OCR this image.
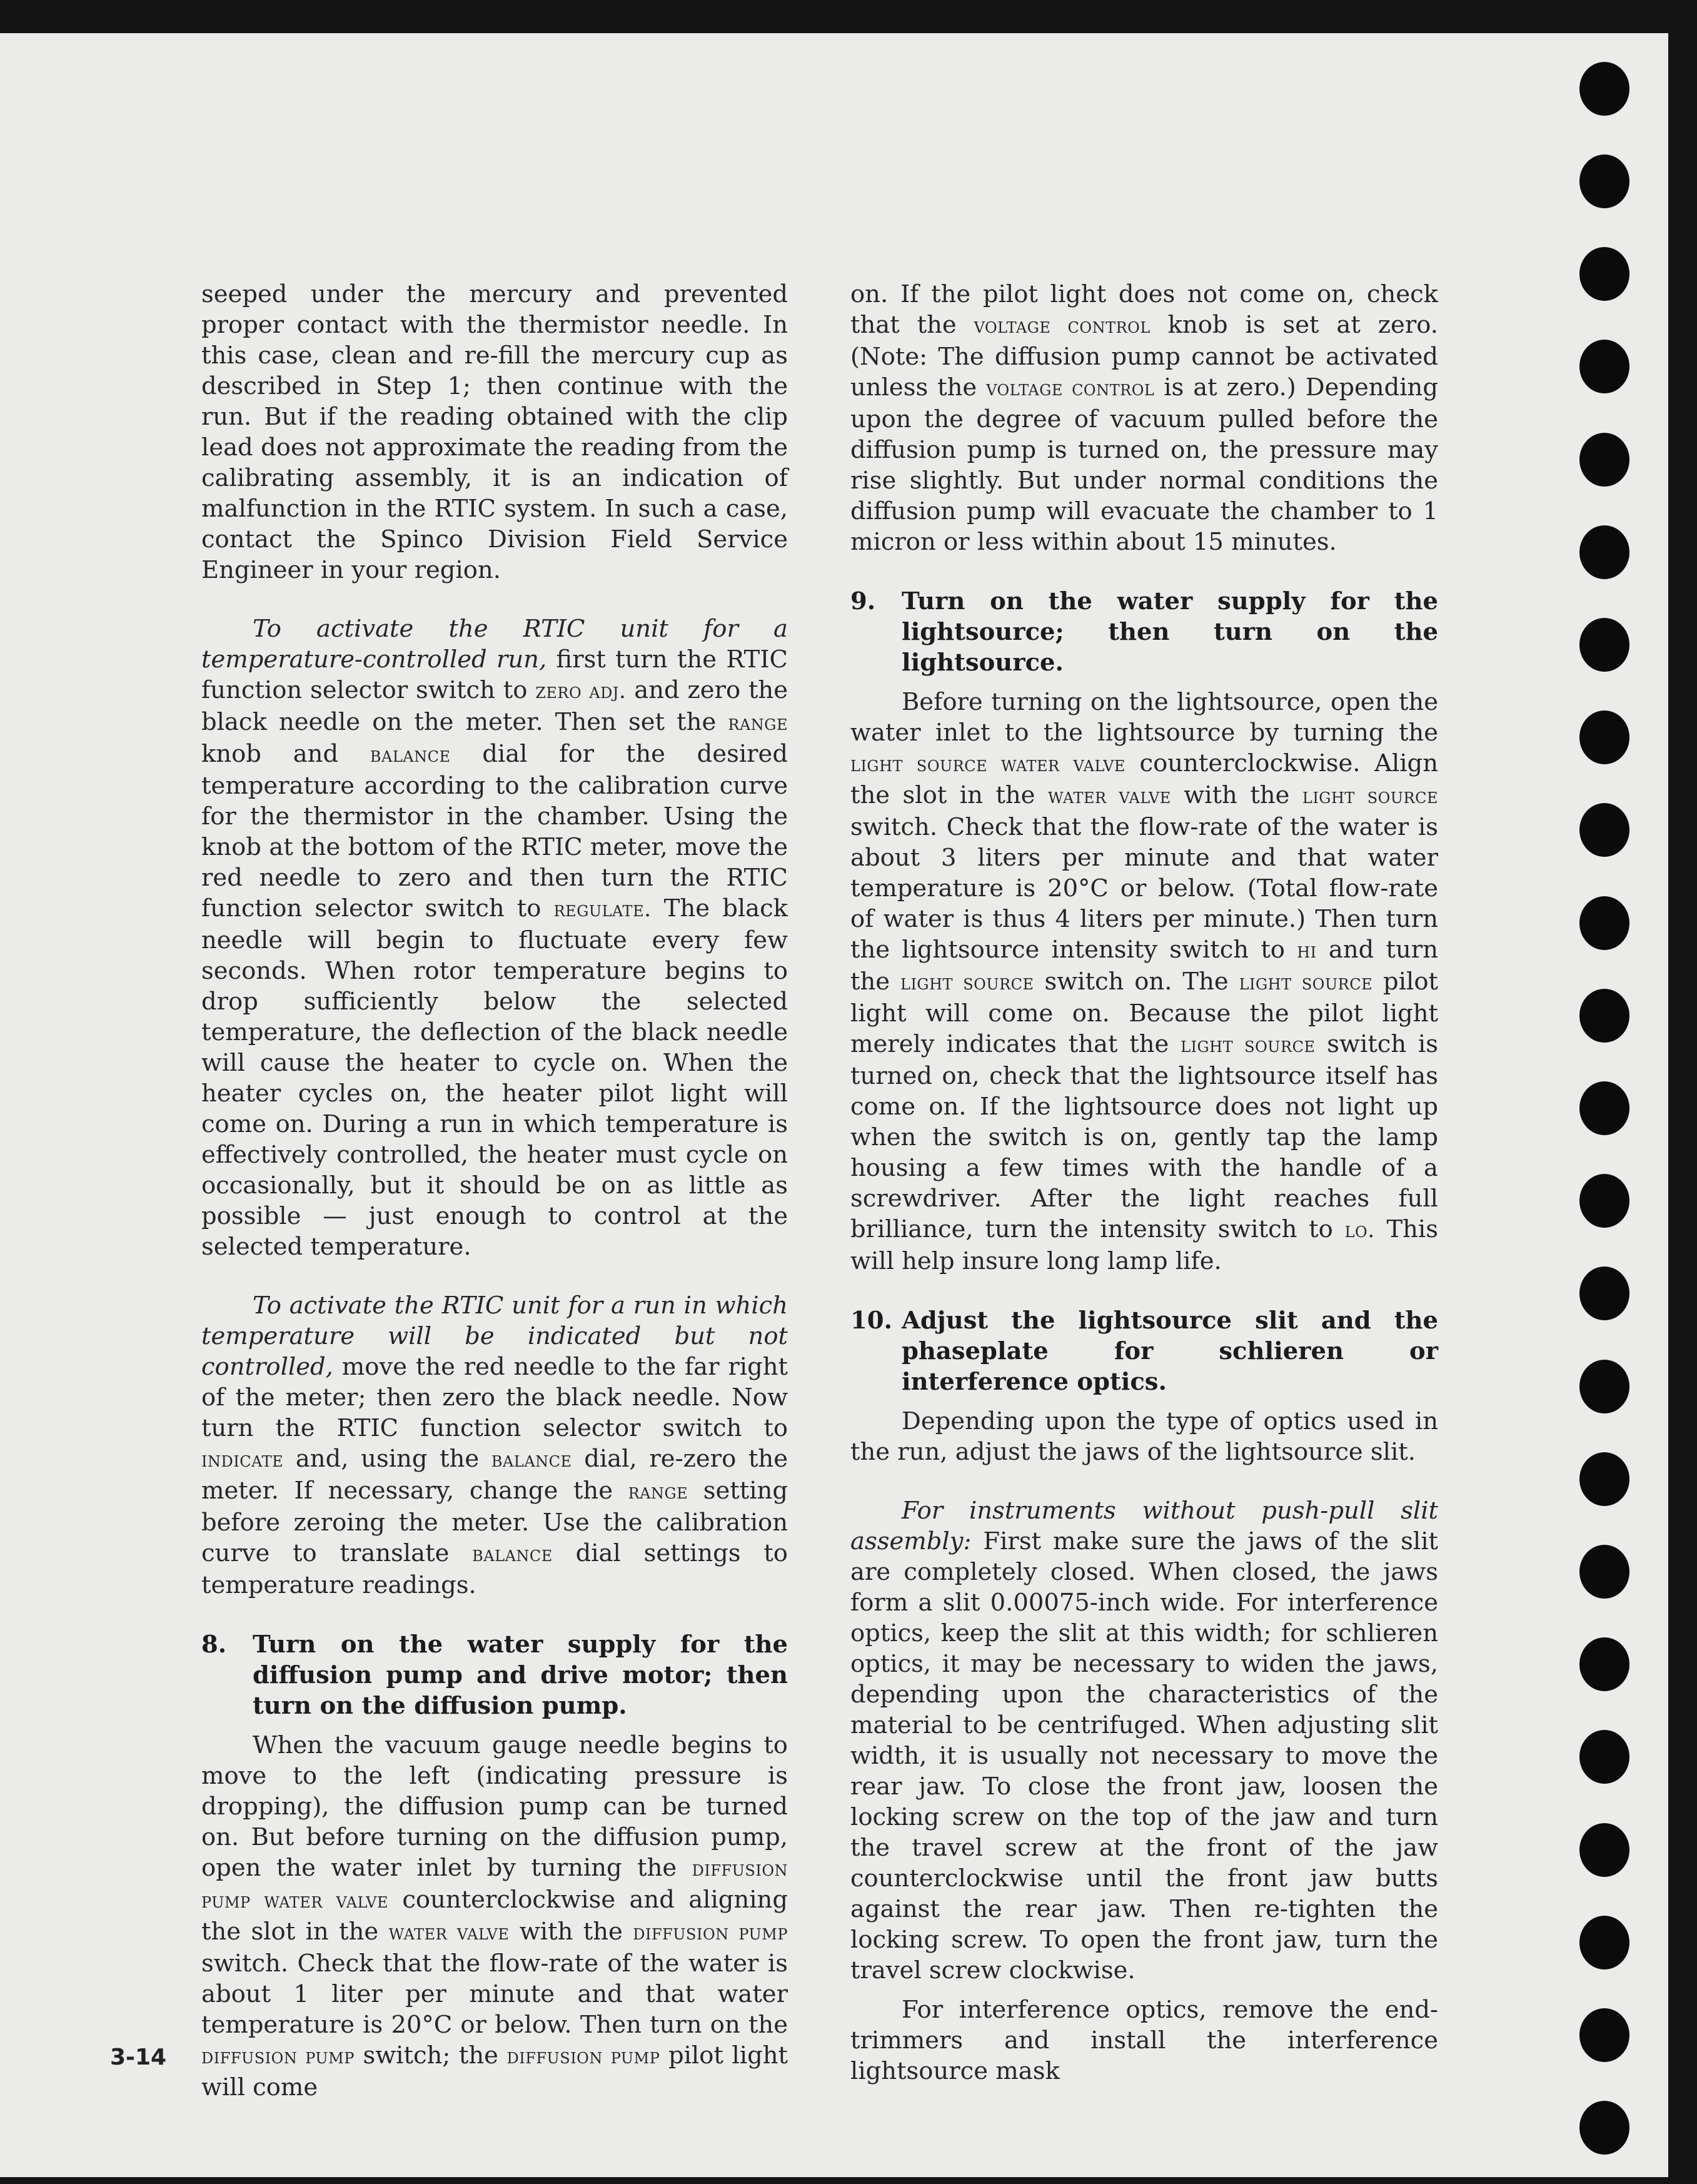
seeped under the mercury and prevented proper contact with the thermistor needle. In this case, clean and re-fill the mercury cup as described in Step 1; then continue with the run. But if the reading obtained with the clip lead does not approximate the reading from the calibrating assembly, it is an indication of malfunction in the RTIC system. In such a case, contact the Spinco Division Field Service Engineer in your region.

To activate the RTIC unit for a temperature-controlled run, first turn the RTIC function selector switch to zero adj. and zero the black needle on the meter. Then set the range knob and balance dial for the desired temperature according to the calibration curve for the thermistor in the chamber. Using the knob at the bottom of the RTIC meter, move the red needle to zero and then turn the RTIC function selector switch to regulate. The black needle will begin to fluctuate every few seconds. When rotor temperature begins to drop sufficiently below the selected temperature, the deflection of the black needle will cause the heater to cycle on. When the heater cycles on, the heater pilot light will come on. During a run in which temperature is effectively controlled, the heater must cycle on occasionally, but it should be on as little as possible — just enough to control at the selected temperature.

To activate the RTIC unit for a run in which temperature will be indicated but not controlled, move the red needle to the far right of the meter; then zero the black needle. Now turn the RTIC function selector switch to indicate and, using the balance dial, re-zero the meter. If necessary, change the range setting before zeroing the meter. Use the calibration curve to translate balance dial settings to temperature readings.

8.	Turn on the water supply for the diffusion pump and drive motor; then turn on the diffusion pump.

When the vacuum gauge needle begins to move to the left (indicating pressure is dropping), the diffusion pump can be turned on. But before turning on the diffusion pump, open the water inlet by turning the diffusion pump water valve counterclockwise and aligning the slot in the water valve with the diffusion pump switch. Check that the flow-rate of the water is about 1 liter per minute and that water temperature is 20°C or below. Then turn on the diffusion pump switch; the diffusion pump pilot light will come

on. If the pilot light does not come on, check that the voltage control knob is set at zero. (Note: The diffusion pump cannot be activated unless the voltage control is at zero.) Depending upon the degree of vacuum pulled before the diffusion pump is turned on, the pressure may rise slightly. But under normal conditions the diffusion pump will evacuate the chamber to 1 micron or less within about 15 minutes.

9.	Turn on the water supply for the lightsource; then turn on the lightsource.

Before turning on the lightsource, open the water inlet to the lightsource by turning the light source water valve counterclockwise. Align the slot in the water valve with the light source switch. Check that the flow-rate of the water is about 3 liters per minute and that water temperature is 20°C or below. (Total flow-rate of water is thus 4 liters per minute.) Then turn the lightsource intensity switch to hi and turn the light source switch on. The light source pilot light will come on. Because the pilot light merely indicates that the light source switch is turned on, check that the lightsource itself has come on. If the lightsource does not light up when the switch is on, gently tap the lamp housing a few times with the handle of a screwdriver. After the light reaches full brilliance, turn the intensity switch to lo. This will help insure long lamp life.

10. Adjust the lightsource slit and the phaseplate for schlieren or interference optics.

Depending upon the type of optics used in the run, adjust the jaws of the lightsource slit.

For instruments without push-pull slit assembly: First make sure the jaws of the slit are completely closed. When closed, the jaws form a slit 0.00075-inch wide. For interference optics, keep the slit at this width; for schlieren optics, it may be necessary to widen the jaws, depending upon the characteristics of the material to be centrifuged. When adjusting slit width, it is usually not necessary to move the rear jaw. To close the front jaw, loosen the locking screw on the top of the jaw and turn the travel screw at the front of the jaw counterclockwise until the front jaw butts against the rear jaw. Then re-tighten the locking screw. To open the front jaw, turn the travel screw clockwise.

For interference optics, remove the end-trimmers and install the interference lightsource mask

3-14
